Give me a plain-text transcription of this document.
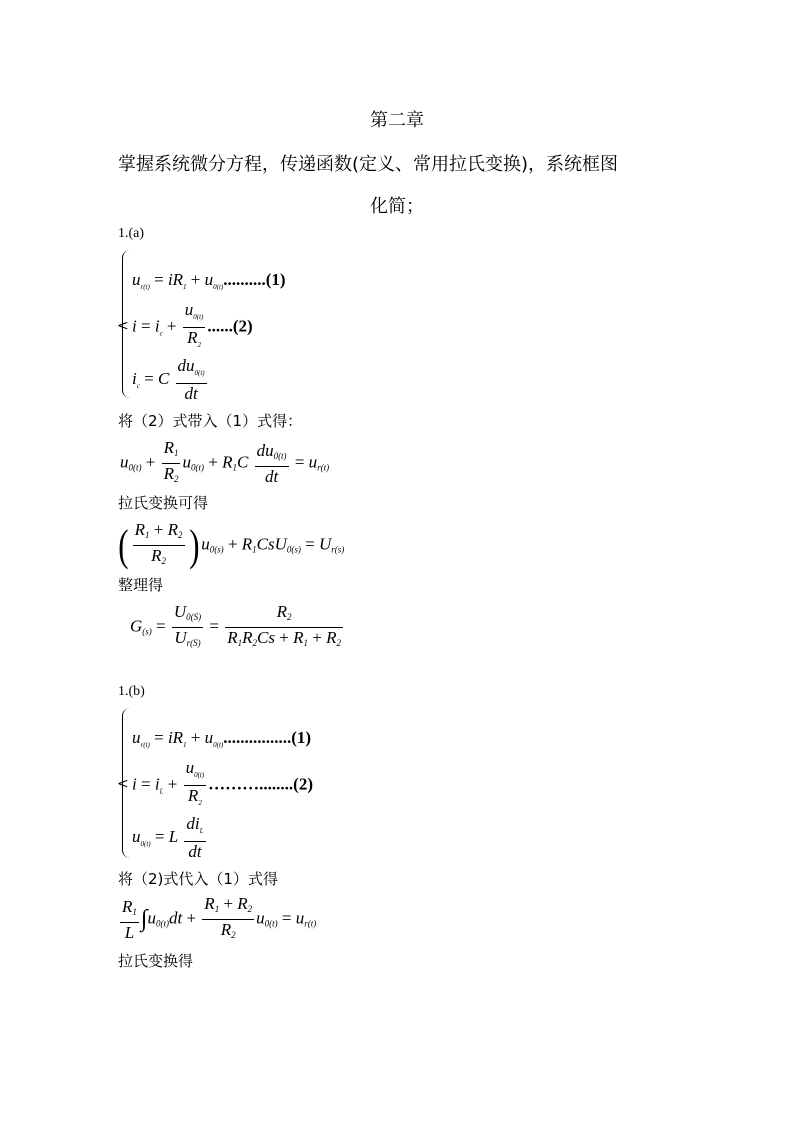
第二章
掌握系统微分方程，传递函数(定义、常用拉氏变换)，系统框图
化简；
1.(a)
<
$u_{r(t)} = iR_1 + u_{0(t)}..........(1)$
$i = i_c + \frac{u_{0(t)}}{R_2} ......(2)$
$i_c = C \frac{du_{0(t)}}{dt}$
将（2）式带入（1）式得：
$u_{0(t)} + \frac{R_1}{R_2} u_{0(t)} + R_1C \frac{du_{0(t)}}{dt} = u_{r(t)}$
拉氏变换可得
( $\frac{R_1 + R_2}{R_2}$ ) $u_{0(s)} + R_1CsU_{0(s)} = U_{r(s)}$
整理得
$G_{(s)} = \frac{U_{0(S)}}{U_{r(S)}} = \frac{R_2}{R_1R_2Cs + R_1 + R_2}$
1.(b)
<
$u_{r(t)} = iR_1 + u_{0(t)}................(1)$
$i = i_L + \frac{u_{0(t)}}{R_2}$ ………........(2)
$u_{0(t)} = L \frac{di_L}{dt}$
将（2)式代入（1）式得
$\frac{R_1}{L} \int u_{0(t)}dt + \frac{R_1 + R_2}{R_2} u_{0(t)} = u_{r(t)}$
拉氏变换得
